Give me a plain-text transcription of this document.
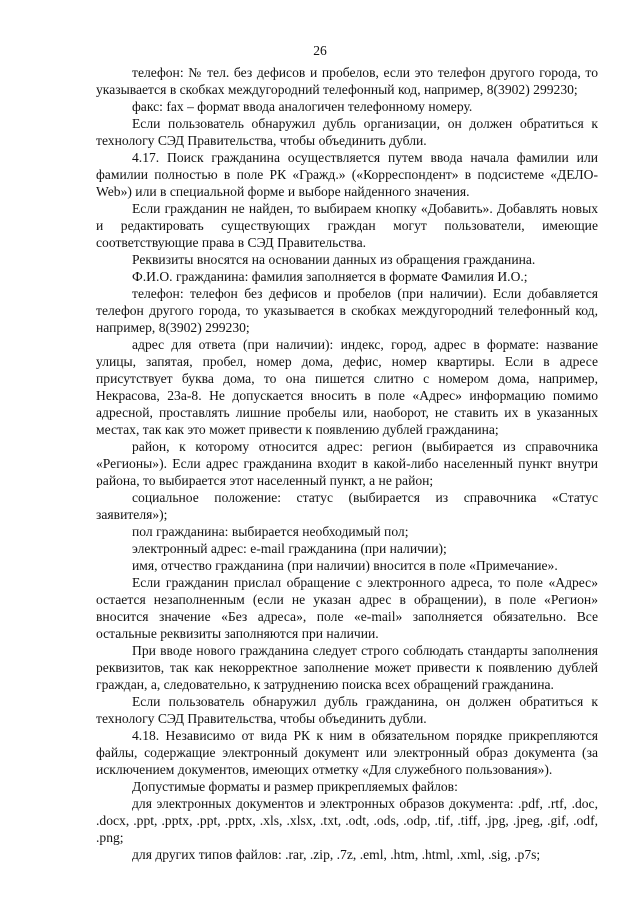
26

телефон: № тел. без дефисов и пробелов, если это телефон другого города, то указывается в скобках междугородний телефонный код, например, 8(3902) 299230;

факс: fax – формат ввода аналогичен телефонному номеру.

Если пользователь обнаружил дубль организации, он должен обратиться к технологу СЭД Правительства, чтобы объединить дубли.

4.17. Поиск гражданина осуществляется путем ввода начала фамилии или фамилии полностью в поле РК «Гражд.» («Корреспондент» в подсистеме «ДЕЛО-Web») или в специальной форме и выборе найденного значения.

Если гражданин не найден, то выбираем кнопку «Добавить». Добавлять новых и редактировать существующих граждан могут пользователи, имеющие соответствующие права в СЭД Правительства.

Реквизиты вносятся на основании данных из обращения гражданина.

Ф.И.О. гражданина: фамилия заполняется в формате Фамилия И.О.;

телефон: телефон без дефисов и пробелов (при наличии). Если добавляется телефон другого города, то указывается в скобках междугородний телефонный код, например, 8(3902) 299230;

адрес для ответа (при наличии): индекс, город, адрес в формате: название улицы, запятая, пробел, номер дома, дефис, номер квартиры. Если в адресе присутствует буква дома, то она пишется слитно с номером дома, например, Некрасова, 23а-8. Не допускается вносить в поле «Адрес» информацию помимо адресной, проставлять лишние пробелы или, наоборот, не ставить их в указанных местах, так как это может привести к появлению дублей гражданина;

район, к которому относится адрес: регион (выбирается из справочника «Регионы»). Если адрес гражданина входит в какой-либо населенный пункт внутри района, то выбирается этот населенный пункт, а не район;

социальное положение: статус (выбирается из справочника «Статус заявителя»);

пол гражданина: выбирается необходимый пол;

электронный адрес: e-mail гражданина (при наличии);

имя, отчество гражданина (при наличии) вносится в поле «Примечание».

Если гражданин прислал обращение с электронного адреса, то поле «Адрес» остается незаполненным (если не указан адрес в обращении), в поле «Регион» вносится значение «Без адреса», поле «e-mail» заполняется обязательно. Все остальные реквизиты заполняются при наличии.

При вводе нового гражданина следует строго соблюдать стандарты заполнения реквизитов, так как некорректное заполнение может привести к появлению дублей граждан, а, следовательно, к затруднению поиска всех обращений гражданина.

Если пользователь обнаружил дубль гражданина, он должен обратиться к технологу СЭД Правительства, чтобы объединить дубли.

4.18. Независимо от вида РК к ним в обязательном порядке прикрепляются файлы, содержащие электронный документ или электронный образ документа (за исключением документов, имеющих отметку «Для служебного пользования»).

Допустимые форматы и размер прикрепляемых файлов:

для электронных документов и электронных образов документа: .pdf, .rtf, .doc, .docx, .ppt, .pptx, .ppt, .pptx, .xls, .xlsx, .txt, .odt, .ods, .odp, .tif, .tiff, .jpg, .jpeg, .gif, .odf, .png;

для других типов файлов: .rar, .zip, .7z, .eml, .htm, .html, .xml, .sig, .p7s;
